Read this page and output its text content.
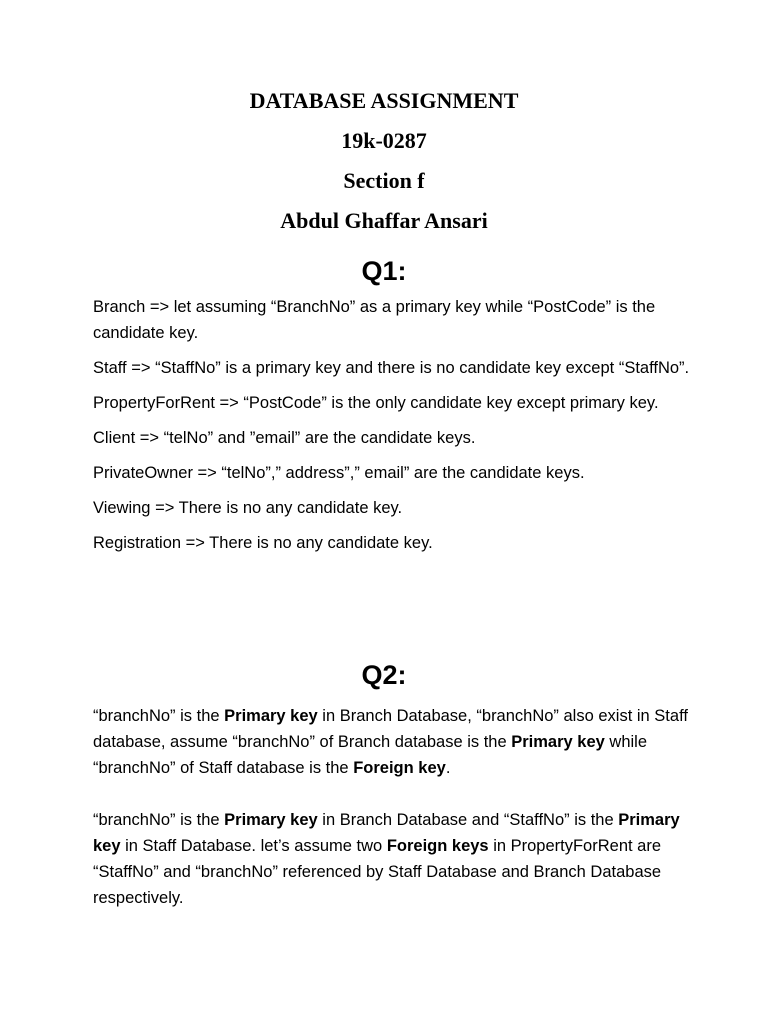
DATABASE ASSIGNMENT
19k-0287
Section f
Abdul Ghaffar Ansari
Q1:

Branch => let assuming “BranchNo” as a primary key while “PostCode” is the candidate key.

Staff => “StaffNo” is a primary key and there is no candidate key except “StaffNo”.

PropertyForRent => “PostCode” is the only candidate key except primary key.

Client => “telNo” and ”email” are the candidate keys.

PrivateOwner => “telNo”,” address”,” email” are the candidate keys.

Viewing => There is no any candidate key.

Registration => There is no any candidate key.

Q2:

“branchNo” is the Primary key in Branch Database, “branchNo” also exist in Staff database, assume “branchNo” of Branch database is the Primary key while “branchNo” of Staff database is the Foreign key.

“branchNo” is the Primary key in Branch Database and “StaffNo” is the Primary key in Staff Database. let’s assume two Foreign keys in PropertyForRent are “StaffNo” and “branchNo” referenced by Staff Database and Branch Database respectively.
